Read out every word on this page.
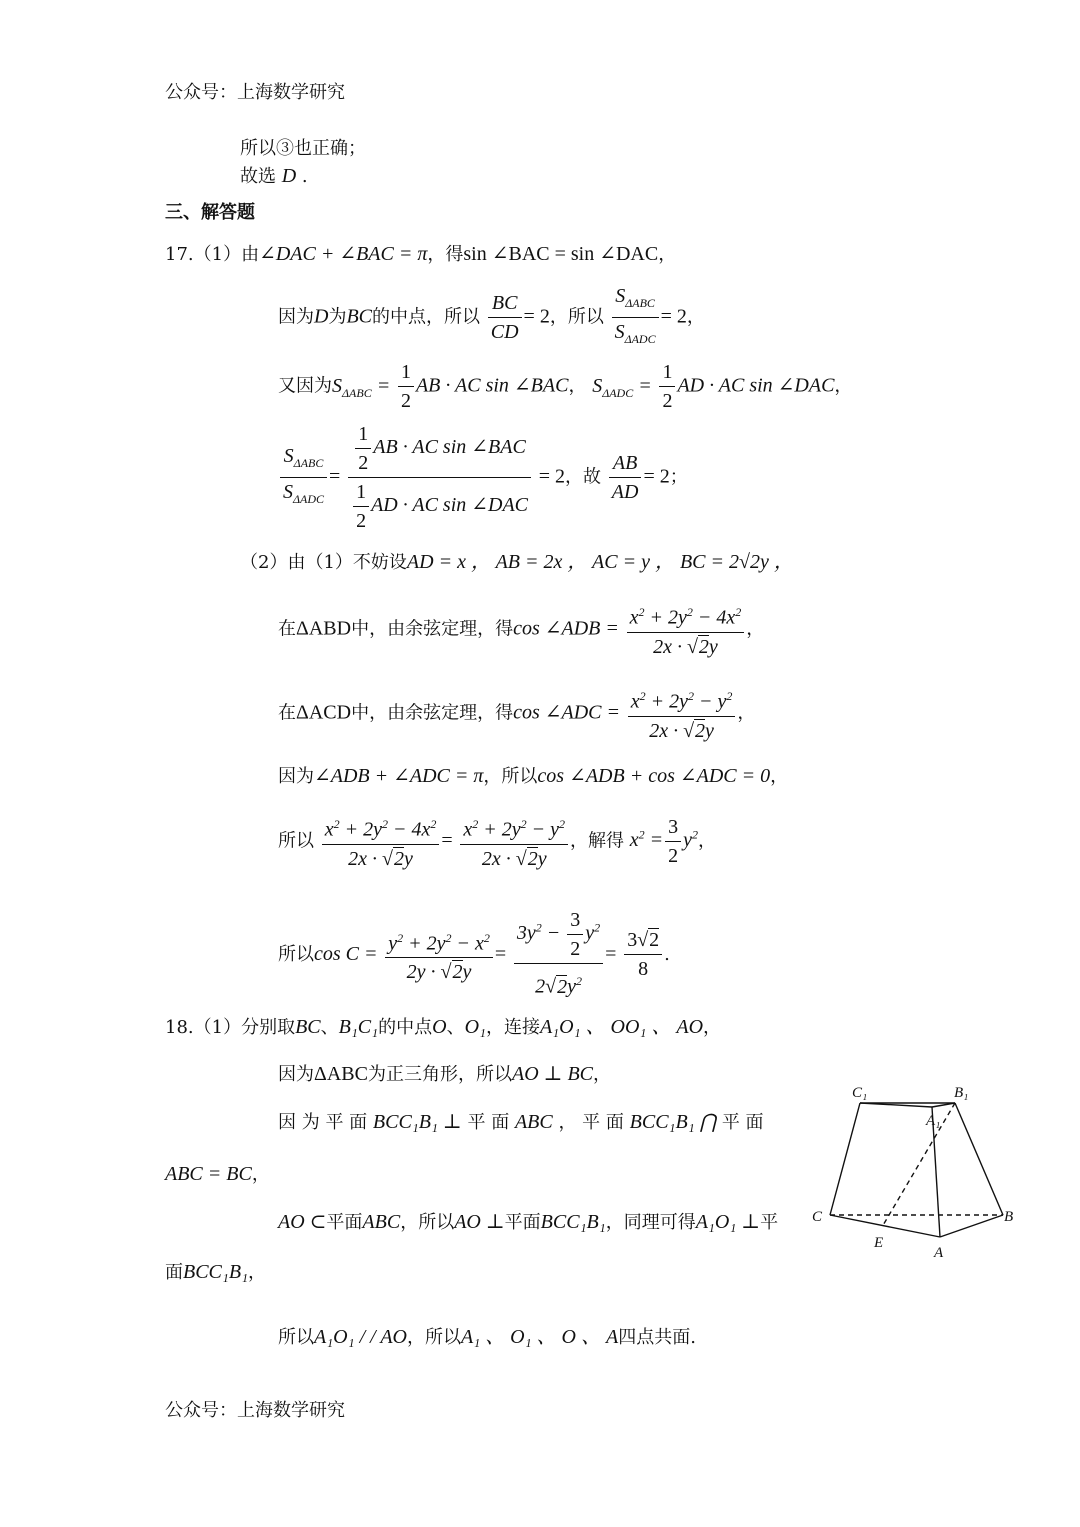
公众号：上海数学研究
所以③也正确；
故选 D .
三、解答题
17.（1）由∠DAC + ∠BAC = π，得sin ∠BAC = sin ∠DAC，
因为D为BC的中点，所以 $\frac{BC}{CD} = 2$，所以 $\frac{S_{\Delta ABC}}{S_{\Delta ADC}} = 2$，
又因为$S_{\Delta ABC} = \frac{1}{2}$ AB · AC sin ∠BAC， $S_{\Delta ADC} = \frac{1}{2}$ AD · AC sin ∠DAC，
$\frac{S_{\Delta ABC}}{S_{\Delta ADC}} = \frac{\frac{1}{2} AB \cdot AC \sin \angle BAC}{\frac{1}{2} AD \cdot AC \sin \angle DAC} = 2$，故 $\frac{AB}{AD} = 2$；
（2）由（1）不妨设AD = x ， AB = 2x ， AC = y ， BC = 2√2y ，
在ΔABD中，由余弦定理，得cos ∠ADB = $\frac{x^2 + 2y^2 - 4x^2}{2x \cdot √2y}$ ，
在ΔACD中，由余弦定理，得cos ∠ADC = $\frac{x^2 + 2y^2 - y^2}{2x \cdot √2y}$ ，
因为∠ADB + ∠ADC = π，所以cos ∠ADB + cos ∠ADC = 0，
所以 $\frac{x^2 + 2y^2 - 4x^2}{2x \cdot √2y} = \frac{x^2 + 2y^2 - y^2}{2x \cdot √2y}$ ，解得 $x^2 = \frac{3}{2} y^2$，
所以$\cos C = \frac{y^2 + 2y^2 - x^2}{2y \cdot √2y} = \frac{3y^2 - \frac{3}{2} y^2}{2√2y^2} = \frac{3√2}{8}$ .
18.（1）分别取BC、B₁C₁的中点O、O₁，连接A₁O₁ 、 OO₁ 、 AO，
因为ΔABC为正三角形，所以AO ⊥ BC，
因 为 平 面 BCC₁B₁ ⊥ 平 面 ABC ， 平 面 BCC₁B₁ ⋂ 平 面
ABC = BC，
AO ⊂平面ABC，所以AO ⊥平面BCC₁B₁，同理可得A₁O₁ ⊥平
面BCC₁B₁，
所以A₁O₁ / / AO，所以A₁ 、 O₁ 、 O 、 A四点共面.
C₁	B₁
A₁
C	B
E
A
公众号：上海数学研究
